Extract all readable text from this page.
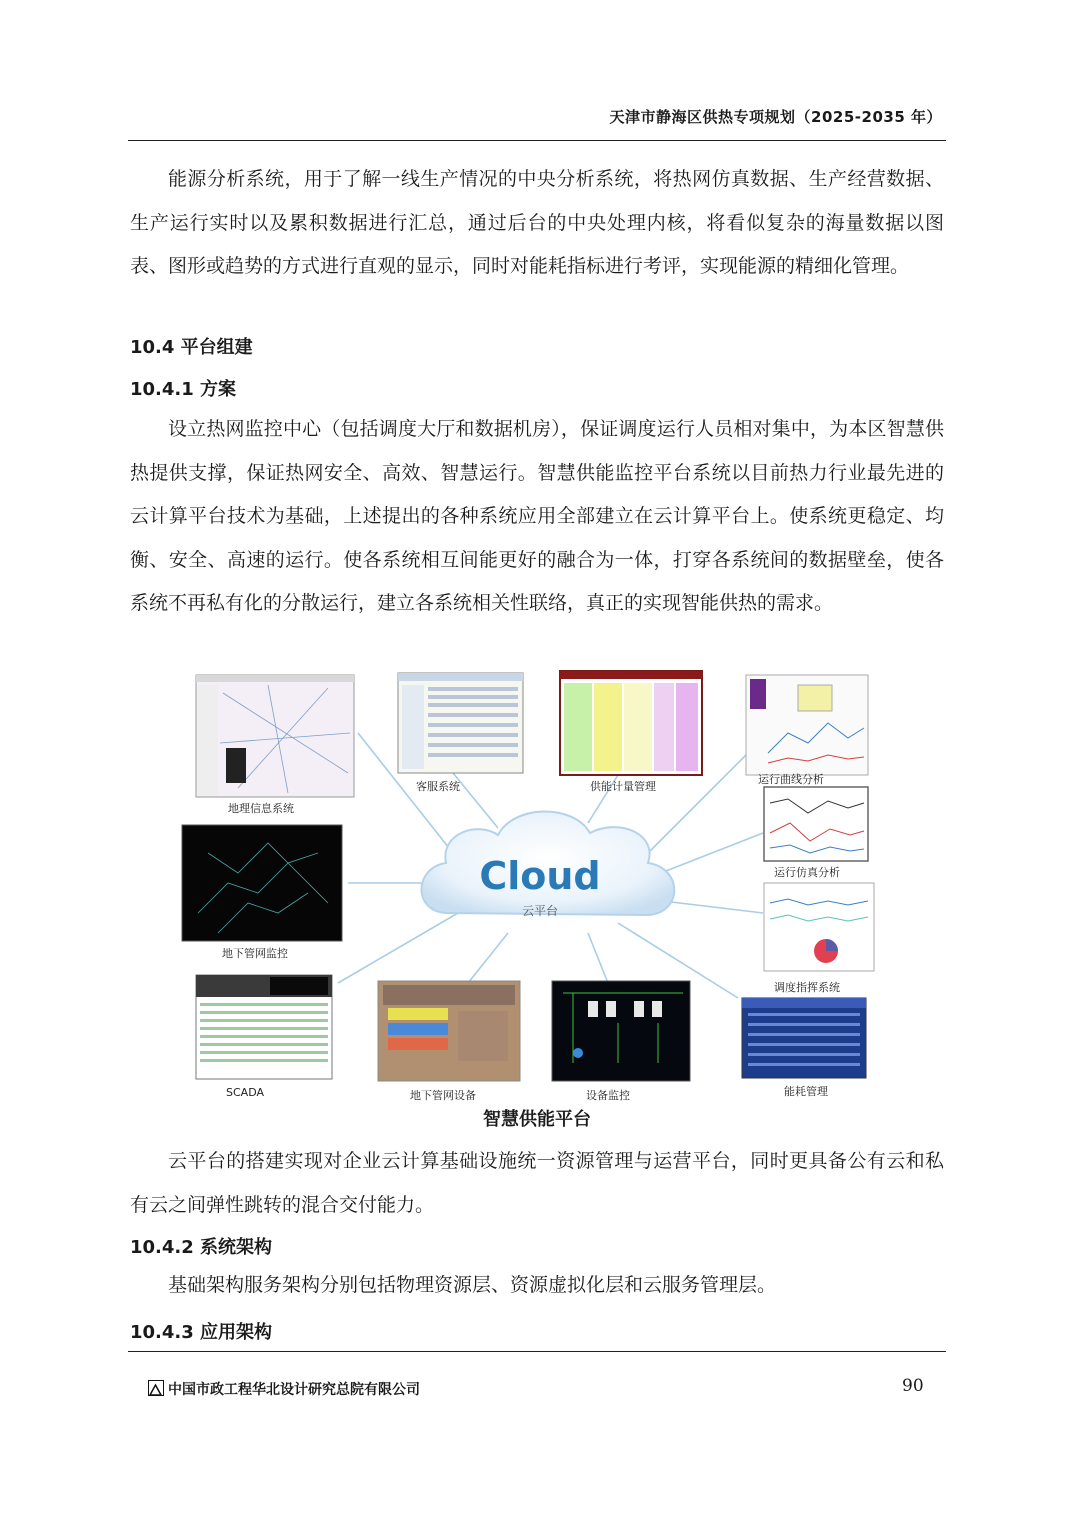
天津市静海区供热专项规划（2025-2035 年）

能源分析系统，用于了解一线生产情况的中央分析系统，将热网仿真数据、生产经营数据、生产运行实时以及累积数据进行汇总，通过后台的中央处理内核，将看似复杂的海量数据以图表、图形或趋势的方式进行直观的显示，同时对能耗指标进行考评，实现能源的精细化管理。

10.4 平台组建
10.4.1 方案

设立热网监控中心（包括调度大厅和数据机房），保证调度运行人员相对集中，为本区智慧供热提供支撑，保证热网安全、高效、智慧运行。智慧供能监控平台系统以目前热力行业最先进的云计算平台技术为基础，上述提出的各种系统应用全部建立在云计算平台上。使系统更稳定、均衡、安全、高速的运行。使各系统相互间能更好的融合为一体，打穿各系统间的数据壁垒，使各系统不再私有化的分散运行，建立各系统相关性联络，真正的实现智能供热的需求。

Cloud
云平台
地理信息系统
客服系统	供能计量管理
运行曲线分析
运行仿真分析
调度指挥系统
能耗管理
设备监控
地下管网设备
SCADA
地下管网监控
智慧供能平台

云平台的搭建实现对企业云计算基础设施统一资源管理与运营平台，同时更具备公有云和私有云之间弹性跳转的混合交付能力。

10.4.2 系统架构

基础架构服务架构分别包括物理资源层、资源虚拟化层和云服务管理层。

10.4.3 应用架构
中国市政工程华北设计研究总院有限公司	90
